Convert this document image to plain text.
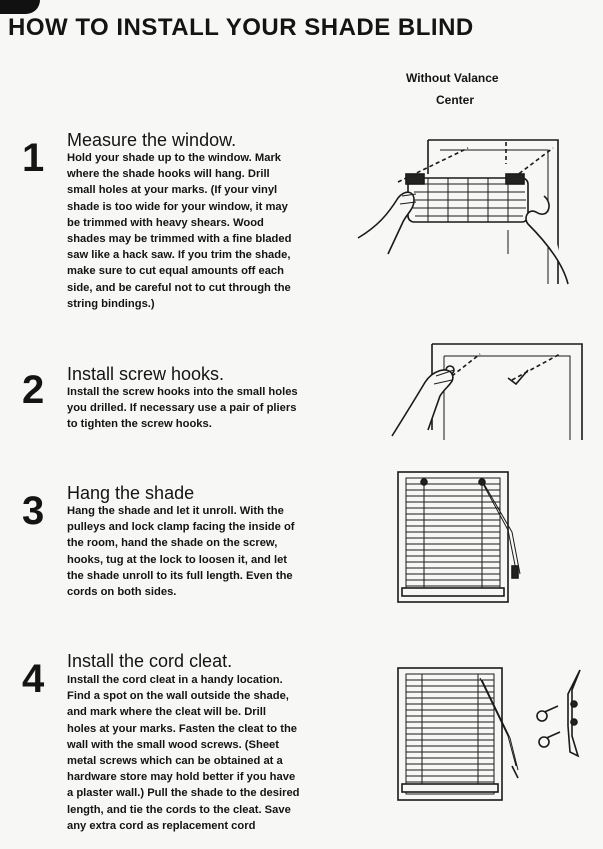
HOW TO INSTALL YOUR SHADE BLIND
Without Valance
Center
1 Measure the window.
Hold your shade up to the window. Mark
where the shade hooks will hang. Drill
small holes at your marks. (If your vinyl
shade is too wide for your window, it may
be trimmed with heavy shears. Wood
shades may be trimmed with a fine bladed
saw like a hack saw. If you trim the shade,
make sure to cut equal amounts off each
side, and be careful not to cut through the
string bindings.)
2 Install screw hooks.
Install the screw hooks into the small holes
you drilled. If necessary use a pair of pliers
to tighten the screw hooks.
3 Hang the shade
Hang the shade and let it unroll. With the
pulleys and lock clamp facing the inside of
the room, hand the shade on the screw,
hooks, tug at the lock to loosen it, and let
the shade unroll to its full length. Even the
cords on both sides.
4 Install the cord cleat.
Install the cord cleat in a handy location.
Find a spot on the wall outside the shade,
and mark where the cleat will be. Drill
holes at your marks. Fasten the cleat to the
wall with the small wood screws. (Sheet
metal screws which can be obtained at a
hardware store may hold better if you have
a plaster wall.) Pull the shade to the desired
length, and tie the cords to the cleat. Save
any extra cord as replacement cord
